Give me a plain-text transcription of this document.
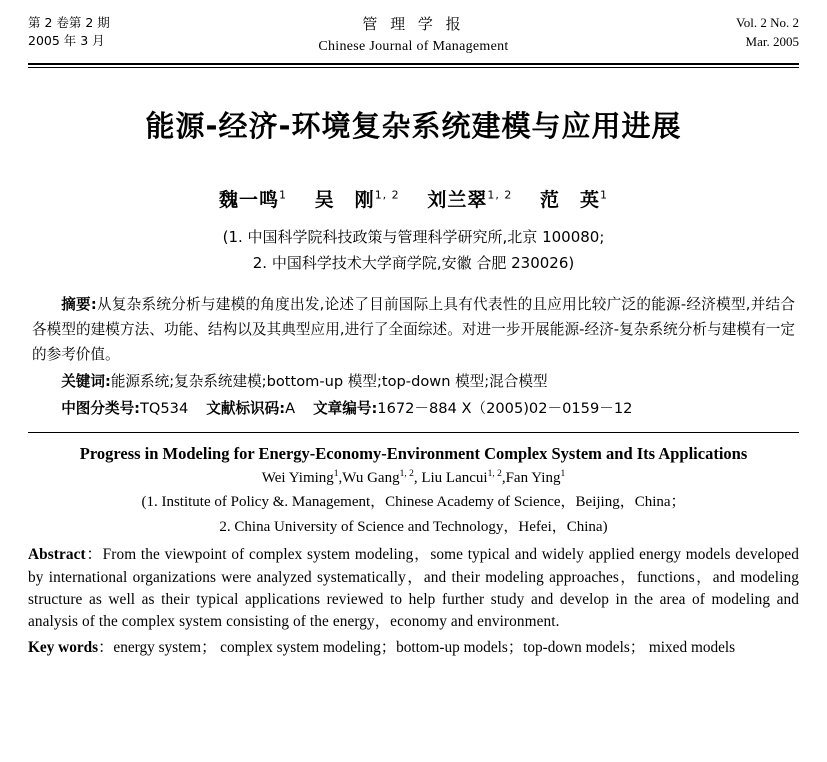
第 2 卷第 2 期
2005 年 3 月
管 理 学 报
Chinese Journal of Management
Vol. 2 No. 2
Mar. 2005
能源-经济-环境复杂系统建模与应用进展
魏一鸣$^1$ 吴　刚$^{1, 2}$ 刘兰翠$^{1, 2}$ 范　英$^1$
(1. 中国科学院科技政策与管理科学研究所,北京 100080;
2. 中国科学技术大学商学院,安徽 合肥 230026)

摘要:从复杂系统分析与建模的角度出发,论述了目前国际上具有代表性的且应用比较广泛的能源-经济模型,并结合各模型的建模方法、功能、结构以及其典型应用,进行了全面综述。对进一步开展能源-经济-复杂系统分析与建模有一定的参考价值。

关键词:能源系统;复杂系统建模;bottom-up 模型;top-down 模型;混合模型
中图分类号:TQ534 文献标识码:A 文章编号:1672－884 X（2005)02－0159－12
Progress in Modeling for Energy-Economy-Environment Complex System and Its Applications
Wei Yiming$^1$,Wu Gang$^{1, 2}$, Liu Lancui$^{1, 2}$,Fan Ying$^1$
(1. Institute of Policy &. Management，Chinese Academy of Science，Beijing，China；
2. China University of Science and Technology，Hefei，China)
Abstract：From the viewpoint of complex system modeling，some typical and widely applied energy models developed by international organizations were analyzed systematically，and their modeling approaches，functions，and modeling structure as well as their typical applications reviewed to help further study and develop in the area of modeling and analysis of the complex system consisting of the energy，economy and environment.
Key words：energy system； complex system modeling；bottom-up models；top-down models； mixed models
